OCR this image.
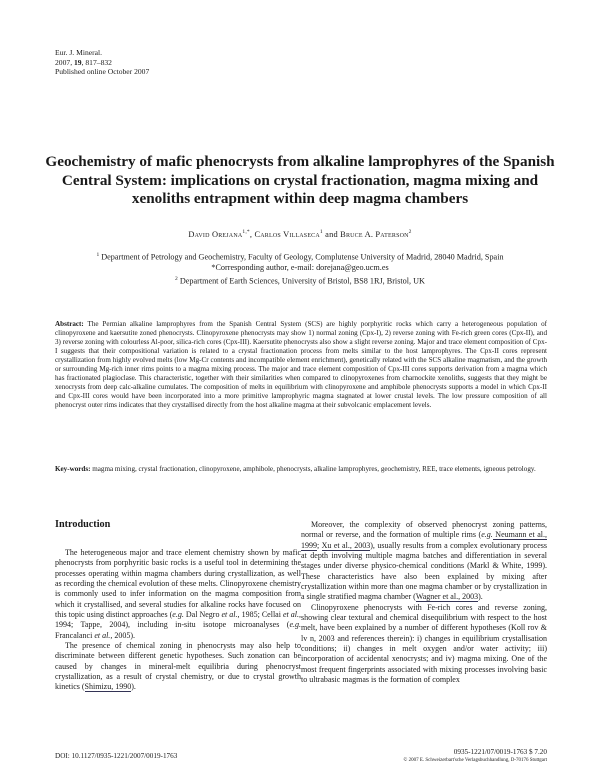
Eur. J. Mineral.
2007, 19, 817–832
Published online October 2007
Geochemistry of mafic phenocrysts from alkaline lamprophyres of the Spanish Central System: implications on crystal fractionation, magma mixing and xenoliths entrapment within deep magma chambers
David Orejana$^{1,*}$, Carlos Villaseca$^1$ and Bruce A. Paterson$^2$
$^1$ Department of Petrology and Geochemistry, Faculty of Geology, Complutense University of Madrid, 28040 Madrid, Spain
*Corresponding author, e-mail: dorejana@geo.ucm.es
$^2$ Department of Earth Sciences, University of Bristol, BS8 1RJ, Bristol, UK
Abstract: The Permian alkaline lamprophyres from the Spanish Central System (SCS) are highly porphyritic rocks which carry a heterogeneous population of clinopyroxene and kaersutite zoned phenocrysts. Clinopyroxene phenocrysts may show 1) normal zoning (Cpx-I), 2) reverse zoning with Fe-rich green cores (Cpx-II), and 3) reverse zoning with colourless Al-poor, silica-rich cores (Cpx-III). Kaersutite phenocrysts also show a slight reverse zoning. Major and trace element composition of Cpx-I suggests that their compositional variation is related to a crystal fractionation process from melts similar to the host lamprophyres. The Cpx-II cores represent crystallization from highly evolved melts (low Mg-Cr contents and incompatible element enrichment), genetically related with the SCS alkaline magmatism, and the growth or surrounding Mg-rich inner rims points to a magma mixing process. The major and trace element composition of Cpx-III cores supports derivation from a magma which has fractionated plagioclase. This characteristic, together with their similarities when compared to clinopyroxenes from charnockite xenoliths, suggests that they might be xenocrysts from deep calc-alkaline cumulates. The composition of melts in equilibrium with clinopyroxene and amphibole phenocrysts supports a model in which Cpx-II and Cpx-III cores would have been incorporated into a more primitive lamprophyric magma stagnated at lower crustal levels. The low pressure composition of all phenocryst outer rims indicates that they crystallised directly from the host alkaline magma at their subvolcanic emplacement levels.
Key-words: magma mixing, crystal fractionation, clinopyroxene, amphibole, phenocrysts, alkaline lamprophyres, geochemistry, REE, trace elements, igneous petrology.
Introduction

The heterogeneous major and trace element chemistry shown by mafic phenocrysts from porphyritic basic rocks is a useful tool in determining the processes operating within magma chambers during crystallization, as well as recording the chemical evolution of these melts. Clinopyroxene chemistry is commonly used to infer information on the magma composition from which it crystallised, and several studies for alkaline rocks have focused on this topic using distinct approaches (e.g. Dal Negro et al., 1985; Cellai et al., 1994; Tappe, 2004), including in-situ isotope microanalyses (e.g. Francalanci et al., 2005).

The presence of chemical zoning in phenocrysts may also help to discriminate between different genetic hypotheses. Such zonation can be caused by changes in mineral-melt equilibria during phenocryst crystallization, as a result of crystal chemistry, or due to crystal growth kinetics (Shimizu, 1990).

Moreover, the complexity of observed phenocryst zoning patterns, normal or reverse, and the formation of multiple rims (e.g. Neumann et al., 1999; Xu et al., 2003), usually results from a complex evolutionary process at depth involving multiple magma batches and differentiation in several stages under diverse physico-chemical conditions (Markl & White, 1999). These characteristics have also been explained by mixing after crystallization within more than one magma chamber or by crystallization in a single stratified magma chamber (Wagner et al., 2003).

Clinopyroxene phenocrysts with Fe-rich cores and reverse zoning, showing clear textural and chemical disequilibrium with respect to the host melt, have been explained by a number of different hypotheses (Koll rov & lv n, 2003 and references therein): i) changes in equilibrium crystallisation conditions; ii) changes in melt oxygen and/or water activity; iii) incorporation of accidental xenocrysts; and iv) magma mixing. One of the most frequent fingerprints associated with mixing processes involving basic to ultrabasic magmas is the formation of complex

DOI: 10.1127/0935-1221/2007/0019-1763	0935-1221/07/0019-1763 $ 7.20
© 2007 E. Schweizerbart'sche Verlagsbuchhandlung, D-70176 Stuttgart
